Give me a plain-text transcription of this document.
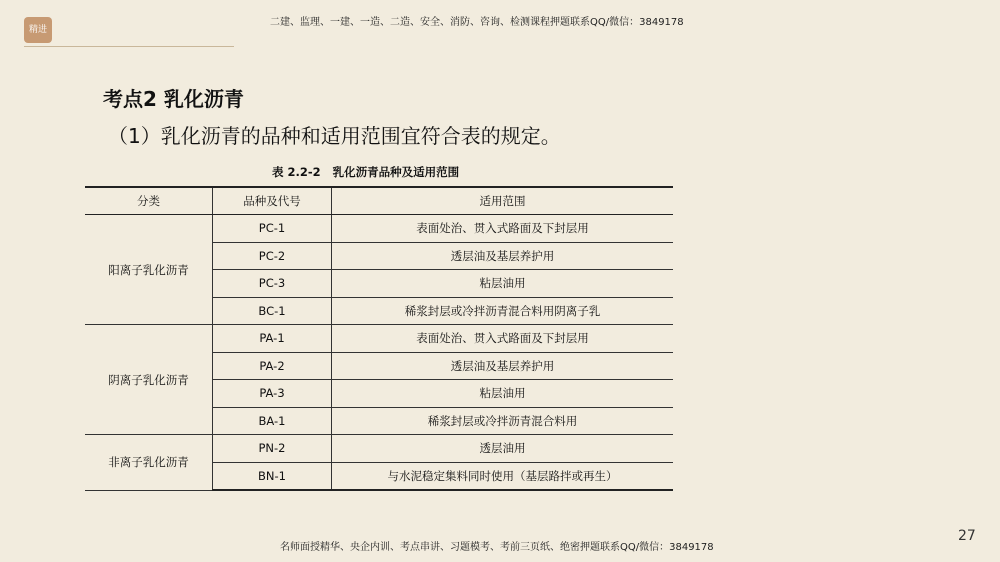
精进
二建、监理、一建、一造、二造、安全、消防、咨询、检测课程押题联系QQ/微信：3849178
考点2 乳化沥青
（1）乳化沥青的品种和适用范围宜符合表的规定。
表 2.2-2   乳化沥青品种及适用范围
分类	品种及代号	适用范围
阳离子乳化沥青	PC-1	表面处治、贯入式路面及下封层用
	PC-2	透层油及基层养护用
	PC-3	粘层油用
	BC-1	稀浆封层或冷拌沥青混合料用阴离子乳
阴离子乳化沥青	PA-1	表面处治、贯入式路面及下封层用
	PA-2	透层油及基层养护用
	PA-3	粘层油用
	BA-1	稀浆封层或冷拌沥青混合料用
非离子乳化沥青	PN-2	透层油用
	BN-1	与水泥稳定集料同时使用（基层路拌或再生）
名师面授精华、央企内训、考点串讲、习题模考、考前三页纸、绝密押题联系QQ/微信：3849178
27
